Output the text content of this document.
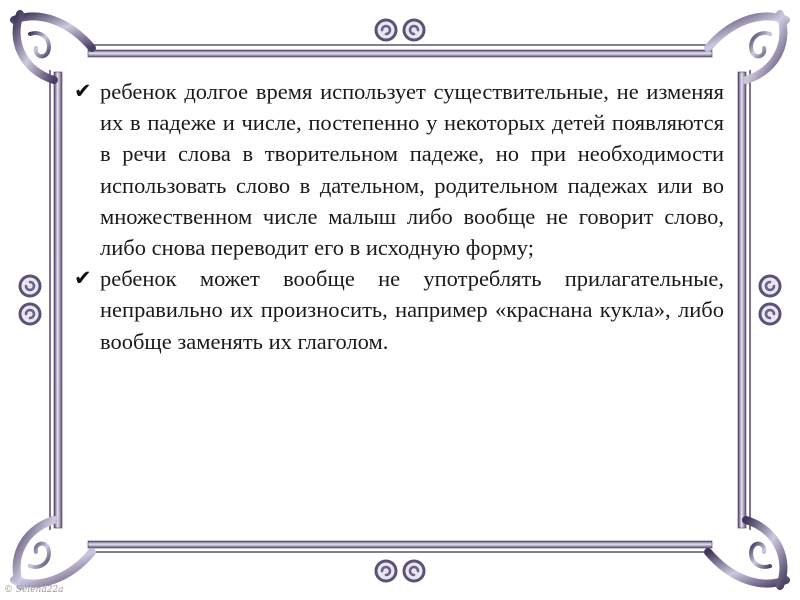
✔ ребенок долгое время использует существительные, не изменяя их в падеже и числе, постепенно у некоторых детей появляются в речи слова в творительном падеже, но при необходимости использовать слово в дательном, родительном падежах или во множественном числе малыш либо вообще не говорит слово, либо снова переводит его в исходную форму;

✔ ребенок может вообще не употреблять прилагательные, неправильно их произносить, например «краснана кукла», либо вообще заменять их глаголом.

© Selena22a
